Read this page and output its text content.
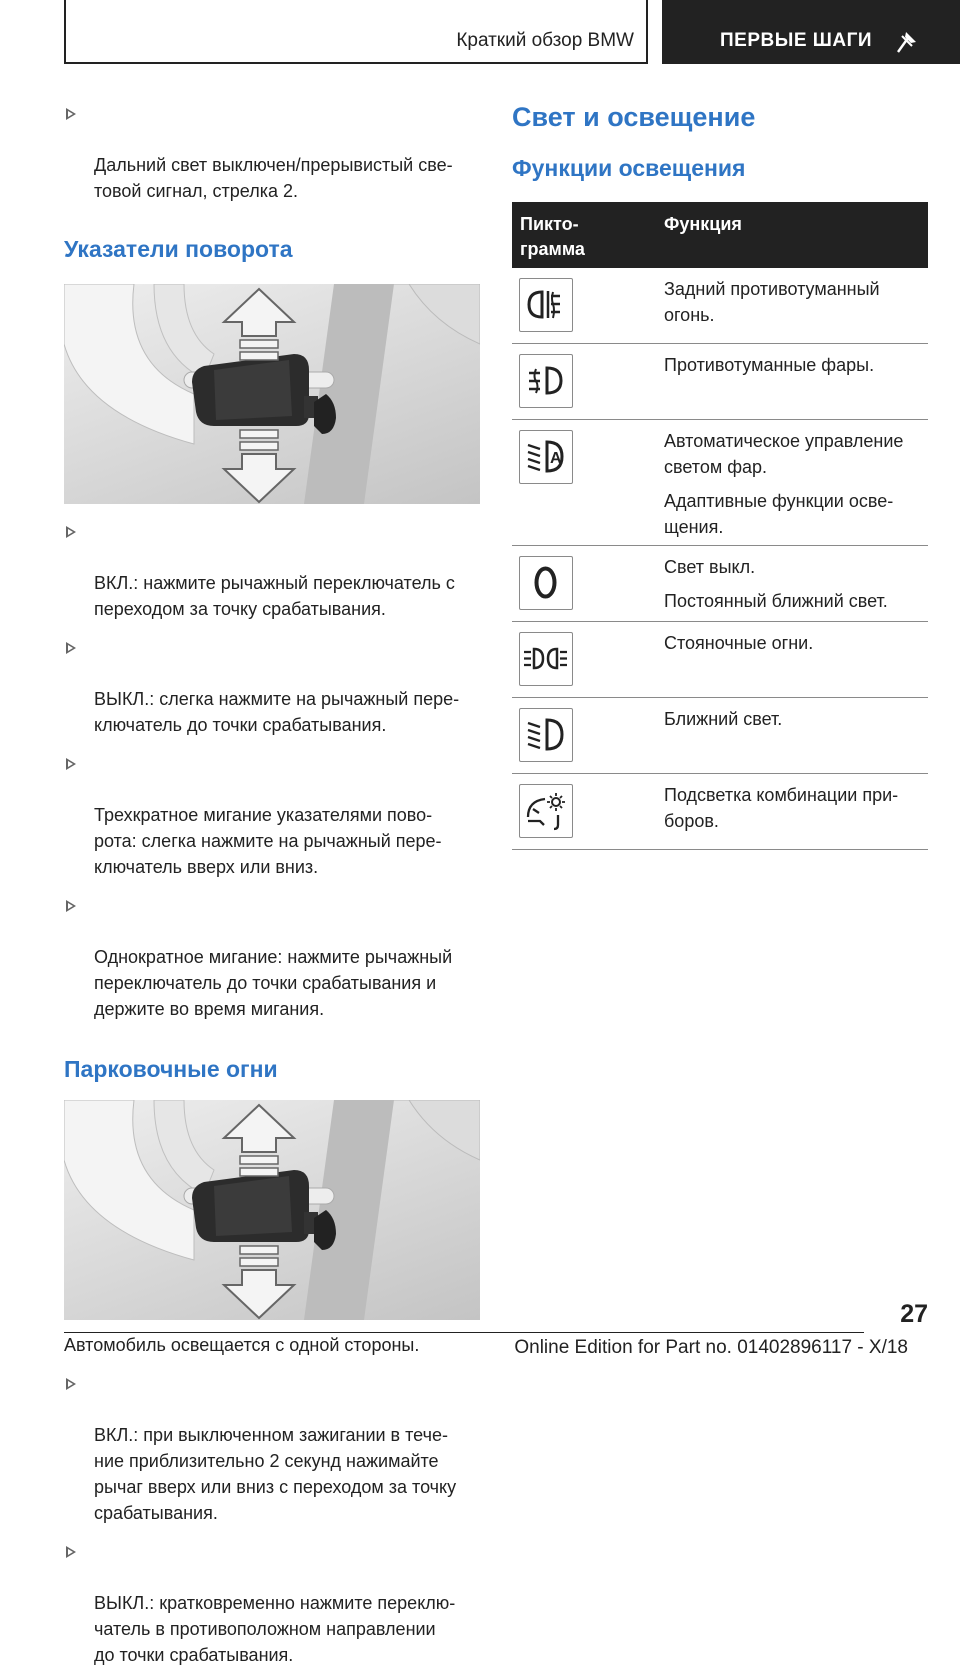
Краткий обзор BMW	ПЕРВЫЕ ШАГИ

Дальний свет выключен/прерывистый све-
товой сигнал, стрелка 2.

Указатели поворота

ВКЛ.: нажмите рычажный переключатель с
переходом за точку срабатывания.

ВЫКЛ.: слегка нажмите на рычажный пере-
ключатель до точки срабатывания.

Трехкратное мигание указателями пово-
рота: слегка нажмите на рычажный пере-
ключатель вверх или вниз.

Однократное мигание: нажмите рычажный
переключатель до точки срабатывания и
держите во время мигания.

Парковочные огни

Автомобиль освещается с одной стороны.

ВКЛ.: при выключенном зажигании в тече-
ние приблизительно 2 секунд нажимайте
рычаг вверх или вниз с переходом за точку
срабатывания.

ВЫКЛ.: кратковременно нажмите переклю-
чатель в противоположном направлении
до точки срабатывания.

Свет и освещение
Функции освещения
Пикто-
грамма
Функция

Задний противотуманный
огонь.

Противотуманные фары.

A

Автоматическое управление
светом фар.

Адаптивные функции осве-
щения.

Свет выкл.

Постоянный ближний свет.

Стояночные огни.

Ближний свет.

Подсветка комбинации при-
боров.

27
Online Edition for Part no. 01402896117 - X/18
